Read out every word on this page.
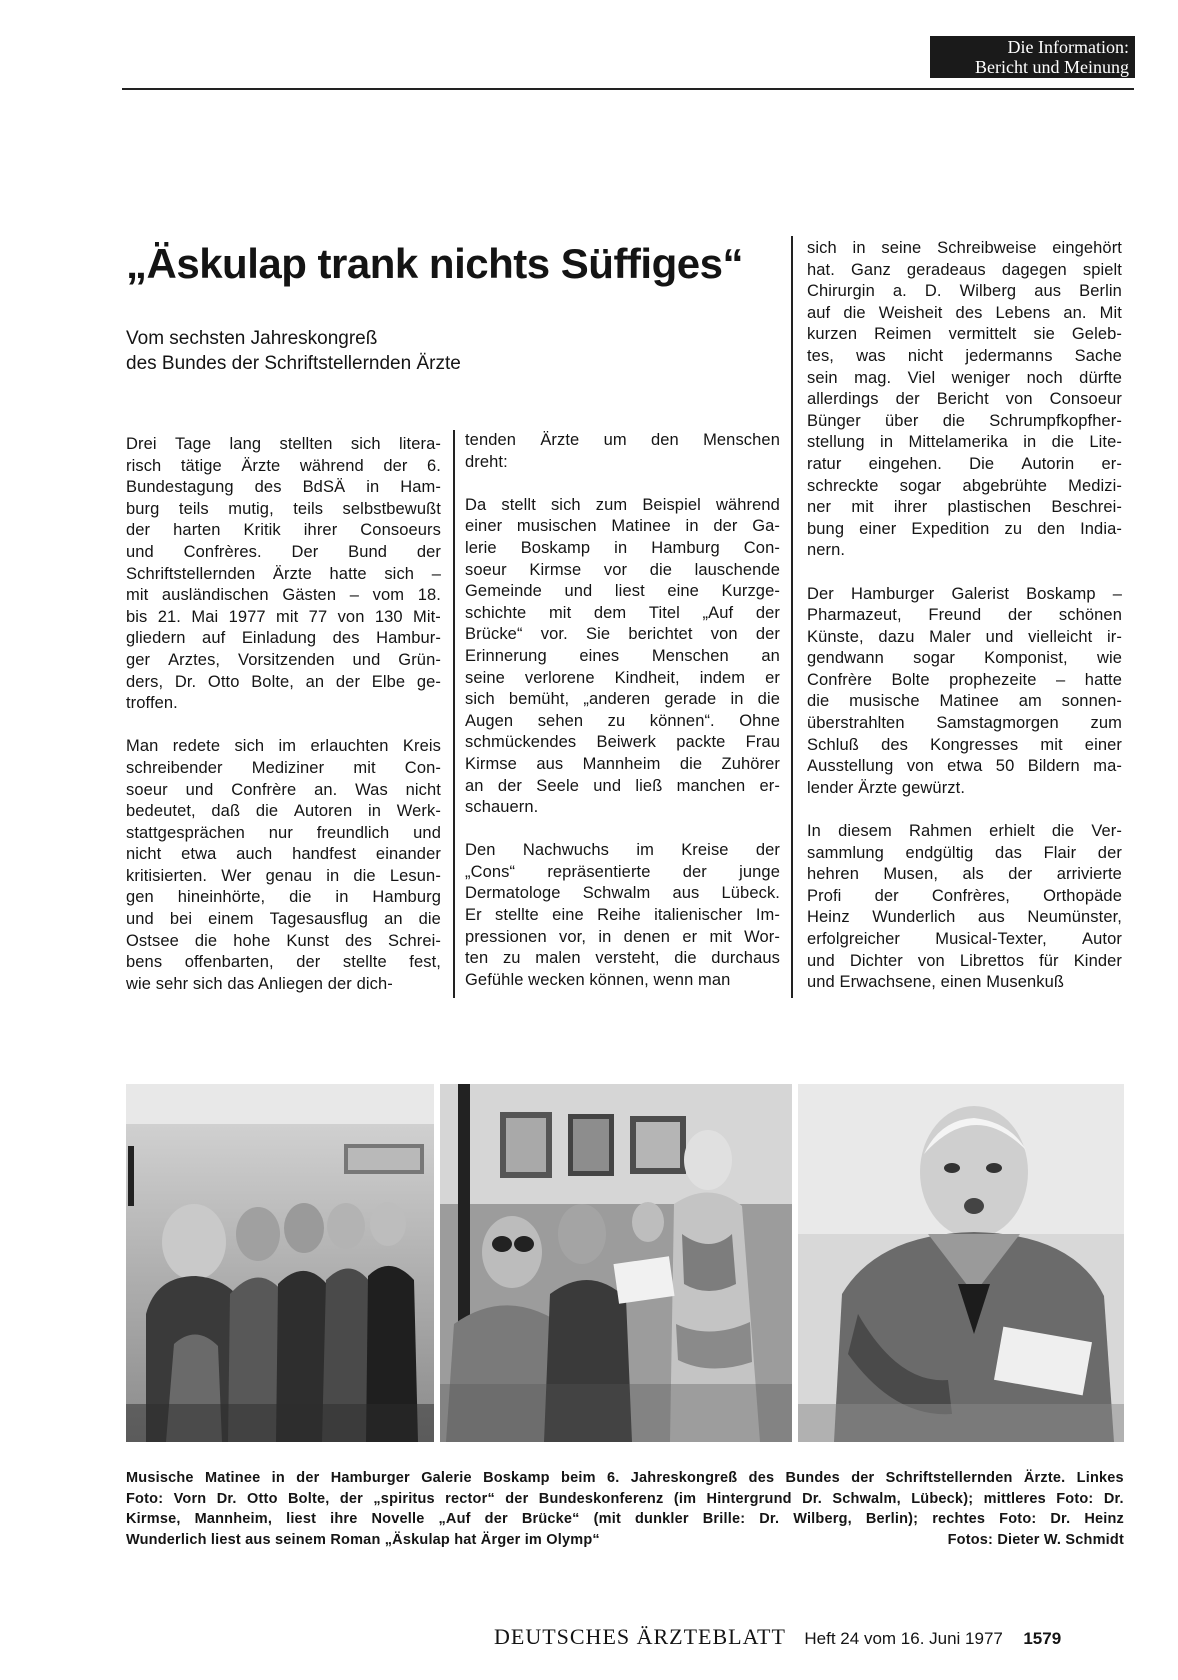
Die Information:
Bericht und Meinung
„Äskulap trank nichts Süffiges“
Vom sechsten Jahreskongreß
des Bundes der Schriftstellernden Ärzte
Drei Tage lang stellten sich litera-
risch tätige Ärzte während der 6.
Bundestagung des BdSÄ in Ham-
burg teils mutig, teils selbstbewußt
der harten Kritik ihrer Consoeurs
und Confrères. Der Bund der
Schriftstellernden Ärzte hatte sich –
mit ausländischen Gästen – vom 18.
bis 21. Mai 1977 mit 77 von 130 Mit-
gliedern auf Einladung des Hambur-
ger Arztes, Vorsitzenden und Grün-
ders, Dr. Otto Bolte, an der Elbe ge-
troffen.
Man redete sich im erlauchten Kreis
schreibender Mediziner mit Con-
soeur und Confrère an. Was nicht
bedeutet, daß die Autoren in Werk-
stattgesprächen nur freundlich und
nicht etwa auch handfest einander
kritisierten. Wer genau in die Lesun-
gen hineinhörte, die in Hamburg
und bei einem Tagesausflug an die
Ostsee die hohe Kunst des Schrei-
bens offenbarten, der stellte fest,
wie sehr sich das Anliegen der dich-
tenden Ärzte um den Menschen
dreht:
Da stellt sich zum Beispiel während
einer musischen Matinee in der Ga-
lerie Boskamp in Hamburg Con-
soeur Kirmse vor die lauschende
Gemeinde und liest eine Kurzge-
schichte mit dem Titel „Auf der
Brücke“ vor. Sie berichtet von der
Erinnerung eines Menschen an
seine verlorene Kindheit, indem er
sich bemüht, „anderen gerade in die
Augen sehen zu können“. Ohne
schmückendes Beiwerk packte Frau
Kirmse aus Mannheim die Zuhörer
an der Seele und ließ manchen er-
schauern.
Den Nachwuchs im Kreise der
„Cons“ repräsentierte der junge
Dermatologe Schwalm aus Lübeck.
Er stellte eine Reihe italienischer Im-
pressionen vor, in denen er mit Wor-
ten zu malen versteht, die durchaus
Gefühle wecken können, wenn man
sich in seine Schreibweise eingehört
hat. Ganz geradeaus dagegen spielt
Chirurgin a. D. Wilberg aus Berlin
auf die Weisheit des Lebens an. Mit
kurzen Reimen vermittelt sie Geleb-
tes, was nicht jedermanns Sache
sein mag. Viel weniger noch dürfte
allerdings der Bericht von Consoeur
Bünger über die Schrumpfkopfher-
stellung in Mittelamerika in die Lite-
ratur eingehen. Die Autorin er-
schreckte sogar abgebrühte Medizi-
ner mit ihrer plastischen Beschrei-
bung einer Expedition zu den India-
nern.
Der Hamburger Galerist Boskamp –
Pharmazeut, Freund der schönen
Künste, dazu Maler und vielleicht ir-
gendwann sogar Komponist, wie
Confrère Bolte prophezeite – hatte
die musische Matinee am sonnen-
überstrahlten Samstagmorgen zum
Schluß des Kongresses mit einer
Ausstellung von etwa 50 Bildern ma-
lender Ärzte gewürzt.
In diesem Rahmen erhielt die Ver-
sammlung endgültig das Flair der
hehren Musen, als der arrivierte
Profi der Confrères, Orthopäde
Heinz Wunderlich aus Neumünster,
erfolgreicher Musical-Texter, Autor
und Dichter von Librettos für Kinder
und Erwachsene, einen Musenkuß
Musische Matinee in der Hamburger Galerie Boskamp beim 6. Jahreskongreß des Bundes der Schriftstellernden Ärzte. Linkes
Foto: Vorn Dr. Otto Bolte, der „spiritus rector“ der Bundeskonferenz (im Hintergrund Dr. Schwalm, Lübeck); mittleres Foto: Dr.
Kirmse, Mannheim, liest ihre Novelle „Auf der Brücke“ (mit dunkler Brille: Dr. Wilberg, Berlin); rechtes Foto: Dr. Heinz
Wunderlich liest aus seinem Roman „Äskulap hat Ärger im Olymp“	Fotos: Dieter W. Schmidt
DEUTSCHES ÄRZTEBLATT Heft 24 vom 16. Juni 1977 1579
